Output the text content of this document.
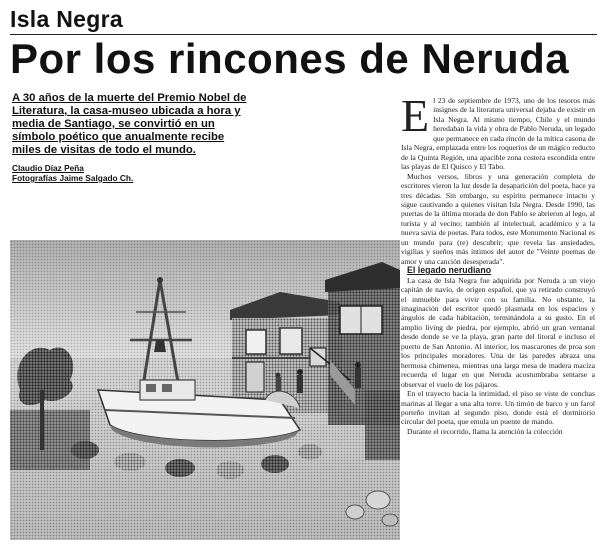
Isla Negra
Por los rincones de Neruda
A 30 años de la muerte del Premio Nobel de Literatura, la casa-museo ubicada a hora y media de Santiago, se convirtió en un símbolo poético que anualmente recibe miles de visitas de todo el mundo.
Claudio Díaz Peña
Fotografías Jaime Salgado Ch.
E l 23 de septiembre de 1973, uno de los tesoros más insignes de la literatura universal dejaba de existir en Isla Negra. Al mismo tiempo, Chile y el mundo heredaban la vida y obra de Pablo Neruda, un legado que permanece en cada rincón de la mítica casona de Isla Negra, emplazada entre los roqueríos de un mágico reducto de la Quinta Región, una apacible zona costera escondida entre las playas de El Quisco y El Tabo.

Muchos versos, libros y una generación completa de escritores vieron la luz desde la desaparición del poeta, hace ya tres décadas. Sin embargo, su espíritu permanece intacto y sigue cautivando a quienes visitan Isla Negra. Desde 1990, las puertas de la última morada de don Pablo se abrieron al lego, al turista y al vecino; también al intelectual, académico y a la nueva savia de poetas. Para todos, este Monumento Nacional es un mundo para (re) descubrir; que revela las ansiedades, vigilias y sueños más íntimos del autor de "Veinte poemas de amor y una canción desesperada".

El legado nerudiano

La casa de Isla Negra fue adquirida por Neruda a un viejo capitán de navío, de origen español, que ya retirado construyó el inmueble para vivir con su familia. No obstante, la imaginación del escritor quedó plasmada en los espacios y ángulos de cada habitación, terminándola a su gusto. En el amplio living de piedra, por ejemplo, abrió un gran ventanal desde donde se ve la playa, gran parte del litoral e incluso el puerto de San Antonio. Al interior, los mascarones de proa son los principales moradores. Una de las paredes abraza una hermosa chimenea, mientras una larga mesa de madera maciza recuerda el lugar en que Neruda acostumbraba sentarse a observar el vuelo de los pájaros.

En el trayecto hacia la intimidad, el piso se viste de conchas marinas al llegar a una alta torre. Un timón de barco y un farol porteño invitan al segundo piso, donde está el dormitorio circular del poeta, que emula un puente de mando.

Durante el recorrido, llama la atención la colección
